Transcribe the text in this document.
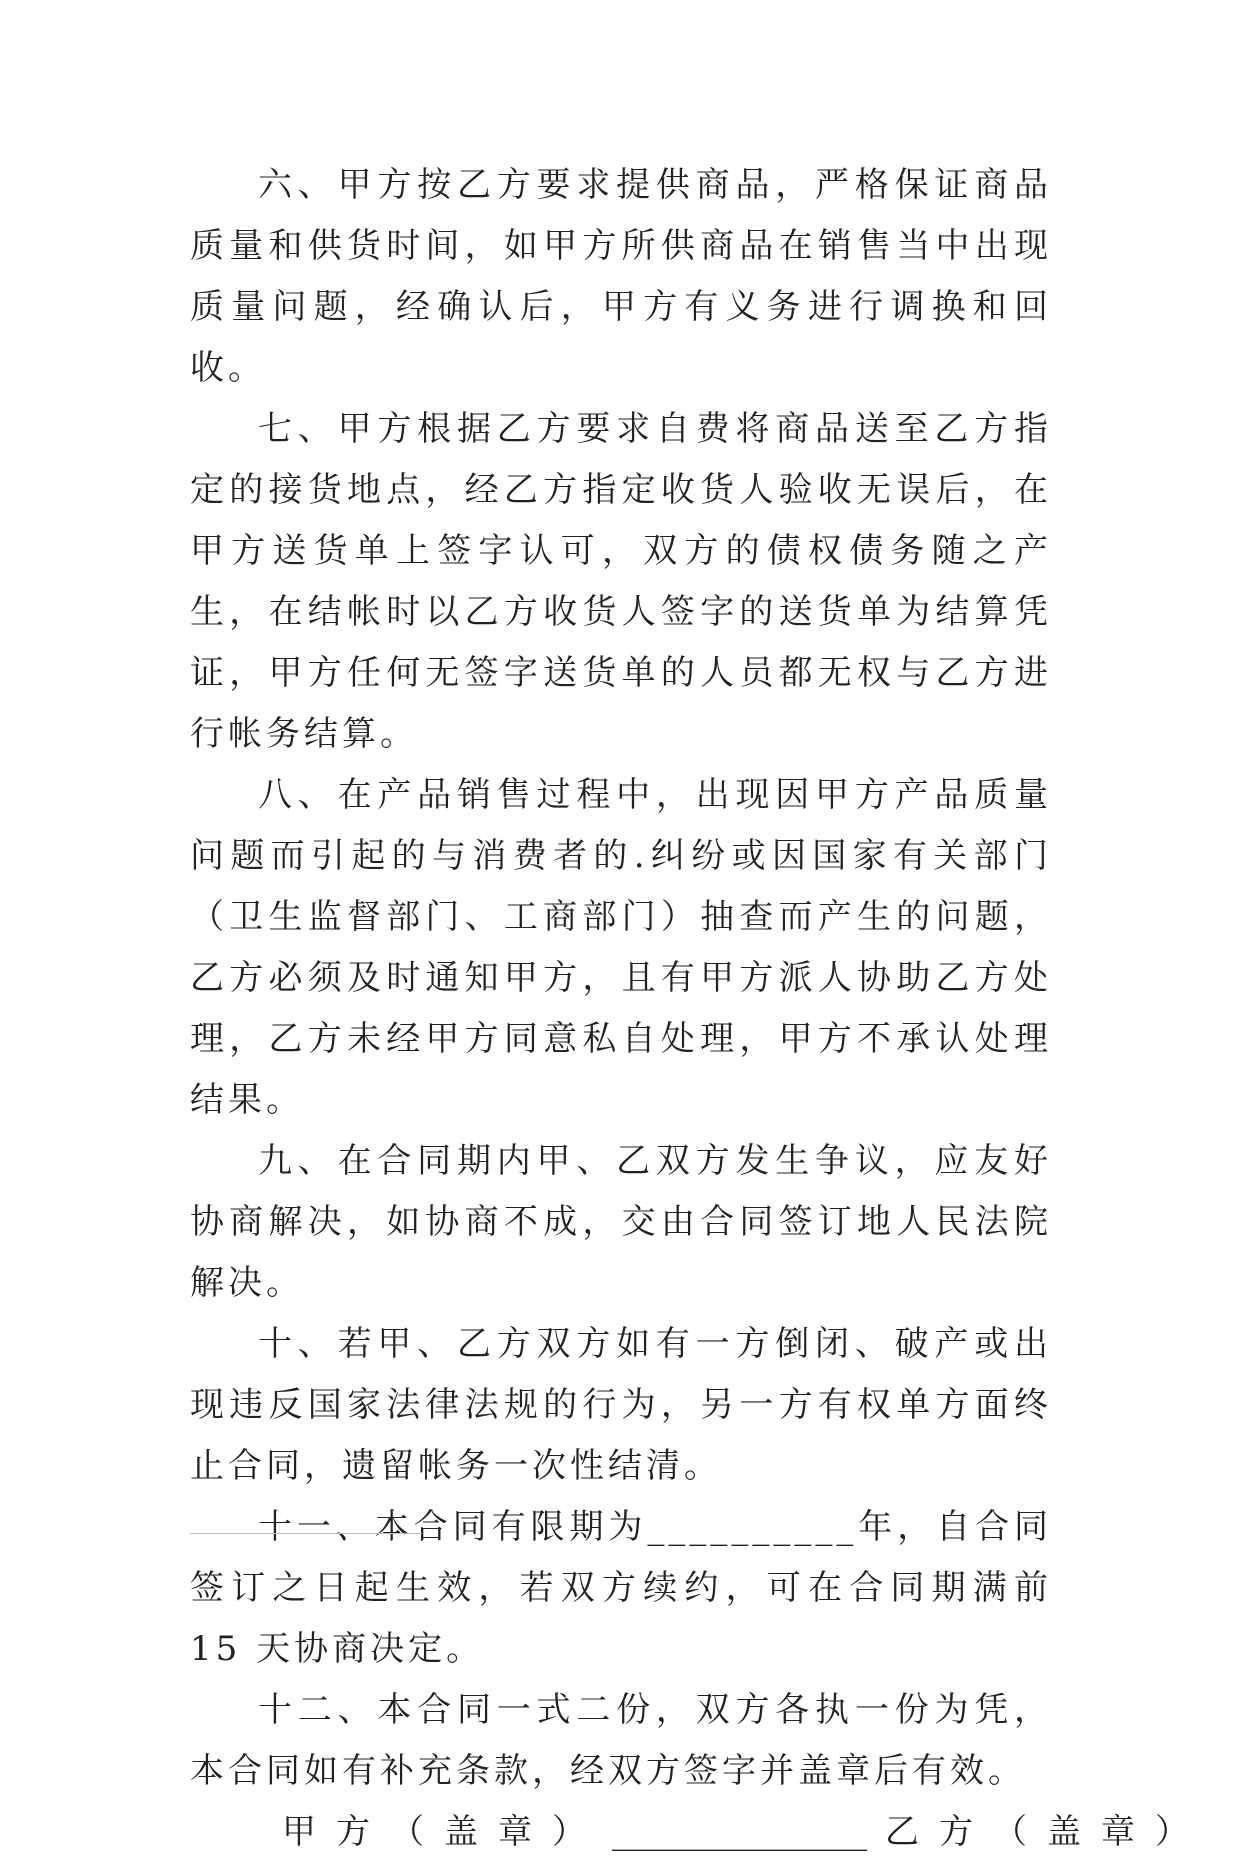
六、甲方按乙方要求提供商品，严格保证商品质量和供货时间，如甲方所供商品在销售当中出现质量问题，经确认后，甲方有义务进行调换和回收。

七、甲方根据乙方要求自费将商品送至乙方指定的接货地点，经乙方指定收货人验收无误后，在甲方送货单上签字认可，双方的债权债务随之产生，在结帐时以乙方收货人签字的送货单为结算凭证，甲方任何无签字送货单的人员都无权与乙方进行帐务结算。

八、在产品销售过程中，出现因甲方产品质量问题而引起的与消费者的.纠纷或因国家有关部门（卫生监督部门、工商部门）抽查而产生的问题，乙方必须及时通知甲方，且有甲方派人协助乙方处理，乙方未经甲方同意私自处理，甲方不承认处理结果。

九、在合同期内甲、乙双方发生争议，应友好协商解决，如协商不成，交由合同签订地人民法院解决。

十、若甲、乙方双方如有一方倒闭、破产或出现违反国家法律法规的行为，另一方有权单方面终止合同，遗留帐务一次性结清。

十一、本合同有限期为__________年，自合同签订之日起生效，若双方续约，可在合同期满前 15 天协商决定。

十二、本合同一式二份，双方各执一份为凭，本合同如有补充条款，经双方签字并盖章后有效。

甲方（盖章） _______________ 乙方（盖章）
